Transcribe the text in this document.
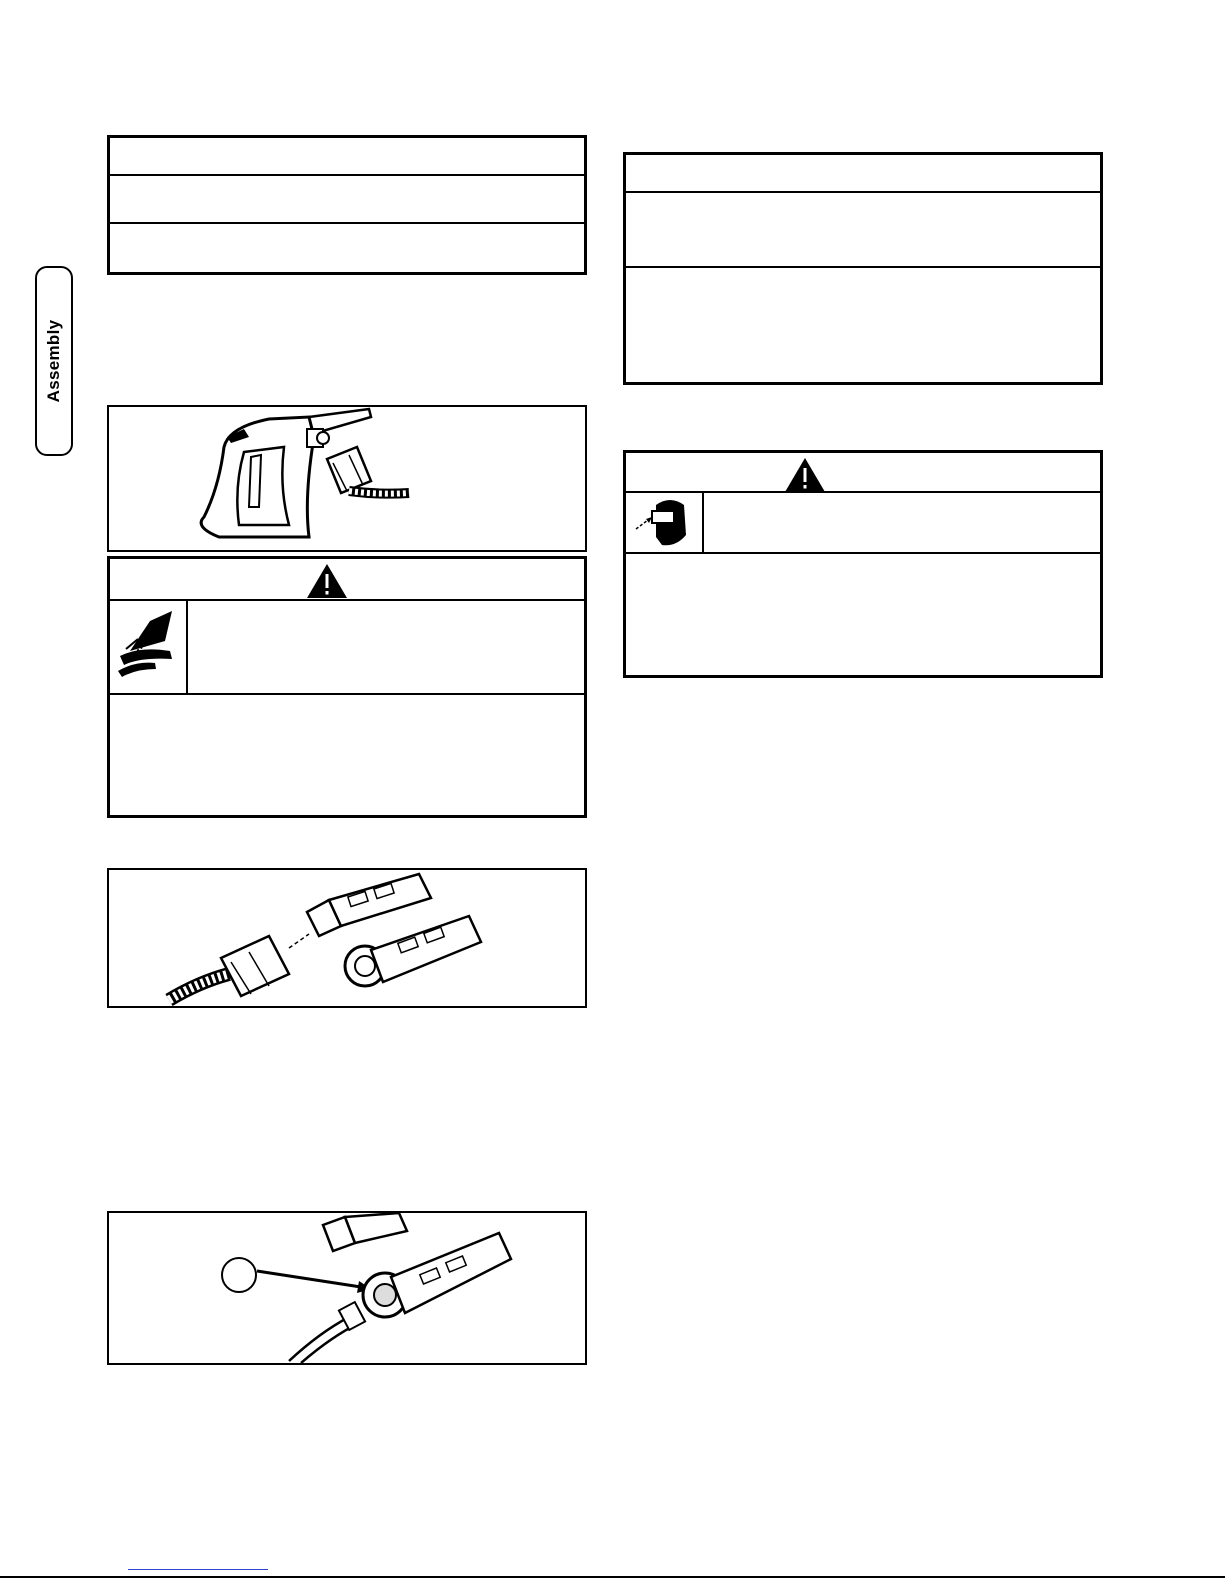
Assembly
